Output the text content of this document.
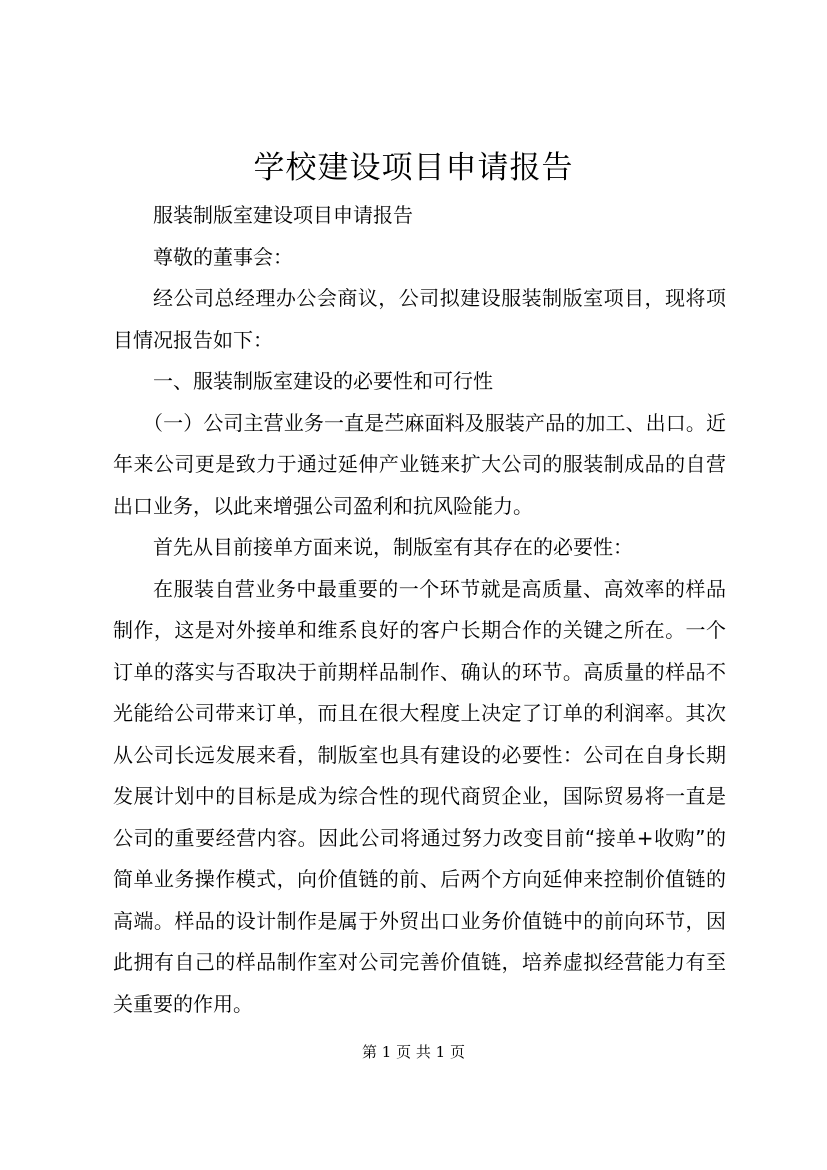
学校建设项目申请报告

服装制版室建设项目申请报告

尊敬的董事会：

经公司总经理办公会商议，公司拟建设服装制版室项目，现将项目情况报告如下：

一、服装制版室建设的必要性和可行性

（一）公司主营业务一直是苎麻面料及服装产品的加工、出口。近年来公司更是致力于通过延伸产业链来扩大公司的服装制成品的自营出口业务，以此来增强公司盈利和抗风险能力。

首先从目前接单方面来说，制版室有其存在的必要性：

在服装自营业务中最重要的一个环节就是高质量、高效率的样品制作，这是对外接单和维系良好的客户长期合作的关键之所在。一个订单的落实与否取决于前期样品制作、确认的环节。高质量的样品不光能给公司带来订单，而且在很大程度上决定了订单的利润率。其次从公司长远发展来看，制版室也具有建设的必要性：公司在自身长期发展计划中的目标是成为综合性的现代商贸企业，国际贸易将一直是公司的重要经营内容。因此公司将通过努力改变目前“接单+收购”的简单业务操作模式，向价值链的前、后两个方向延伸来控制价值链的高端。样品的设计制作是属于外贸出口业务价值链中的前向环节，因此拥有自己的样品制作室对公司完善价值链，培养虚拟经营能力有至关重要的作用。

第 1 页 共 1 页
